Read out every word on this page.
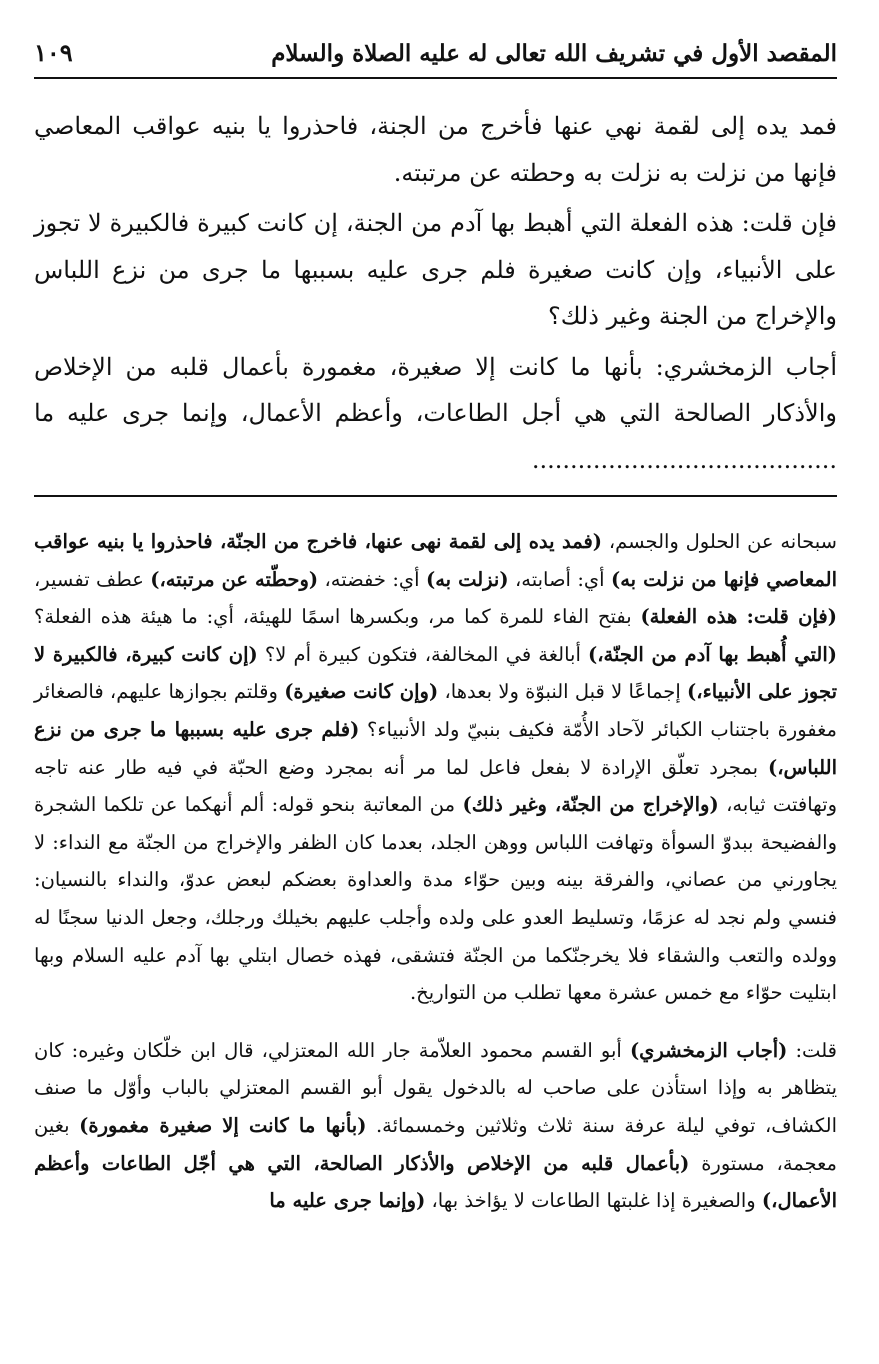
المقصد الأول في تشريف الله تعالى له عليه الصلاة والسلام
١٠٩

فمد يده إلى لقمة نهي عنها فأخرج من الجنة، فاحذروا يا بنيه عواقب المعاصي فإنها من نزلت به نزلت به وحطته عن مرتبته.

فإن قلت: هذه الفعلة التي أهبط بها آدم من الجنة، إن كانت كبيرة فالكبيرة لا تجوز على الأنبياء، وإن كانت صغيرة فلم جرى عليه بسببها ما جرى من نزع اللباس والإخراج من الجنة وغير ذلك؟

أجاب الزمخشري: بأنها ما كانت إلا صغيرة، مغمورة بأعمال قلبه من الإخلاص والأذكار الصالحة التي هي أجل الطاعات، وأعظم الأعمال، وإنما جرى عليه ما ........................................

سبحانه عن الحلول والجسم، (فمد يده إلى لقمة نهى عنها، فاخرج من الجنّة، فاحذروا يا بنيه عواقب المعاصي فإنها من نزلت به) أي: أصابته، (نزلت به) أي: خفضته، (وحطّته عن مرتبته،) عطف تفسير، (فإن قلت: هذه الفعلة) بفتح الفاء للمرة كما مر، وبكسرها اسمًا للهيئة، أي: ما هيئة هذه الفعلة؟ (التي أُهبط بها آدم من الجنّة،) أبالغة في المخالفة، فتكون كبيرة أم لا؟ (إن كانت كبيرة، فالكبيرة لا تجوز على الأنبياء،) إجماعًا لا قبل النبوّة ولا بعدها، (وإن كانت صغيرة) وقلتم بجوازها عليهم، فالصغائر مغفورة باجتناب الكبائر لآحاد الأُمّة فكيف بنبيّ ولد الأنبياء؟ (فلم جرى عليه بسببها ما جرى من نزع اللباس،) بمجرد تعلّق الإرادة لا بفعل فاعل لما مر أنه بمجرد وضع الحبّة في فيه طار عنه تاجه وتهافتت ثيابه، (والإخراج من الجنّة، وغير ذلك) من المعاتبة بنحو قوله: ألم أنهكما عن تلكما الشجرة والفضيحة ببدوّ السوأة وتهافت اللباس ووهن الجلد، بعدما كان الظفر والإخراج من الجنّة مع النداء: لا يجاورني من عصاني، والفرقة بينه وبين حوّاء مدة والعداوة بعضكم لبعض عدوّ، والنداء بالنسيان: فنسي ولم نجد له عزمًا، وتسليط العدو على ولده وأجلب عليهم بخيلك ورجلك، وجعل الدنيا سجنًا له وولده والتعب والشقاء فلا يخرجنّكما من الجنّة فتشقى، فهذه خصال ابتلي بها آدم عليه السلام وبها ابتليت حوّاء مع خمس عشرة معها تطلب من التواريخ.

قلت: (أجاب الزمخشري) أبو القسم محمود العلاّمة جار الله المعتزلي، قال ابن خلّكان وغيره: كان يتظاهر به وإذا استأذن على صاحب له بالدخول يقول أبو القسم المعتزلي بالباب وأوّل ما صنف الكشاف، توفي ليلة عرفة سنة ثلاث وثلاثين وخمسمائة. (بأنها ما كانت إلا صغيرة مغمورة) بغين معجمة، مستورة (بأعمال قلبه من الإخلاص والأذكار الصالحة، التي هي أجّل الطاعات وأعظم الأعمال،) والصغيرة إذا غلبتها الطاعات لا يؤاخذ بها، (وإنما جرى عليه ما
